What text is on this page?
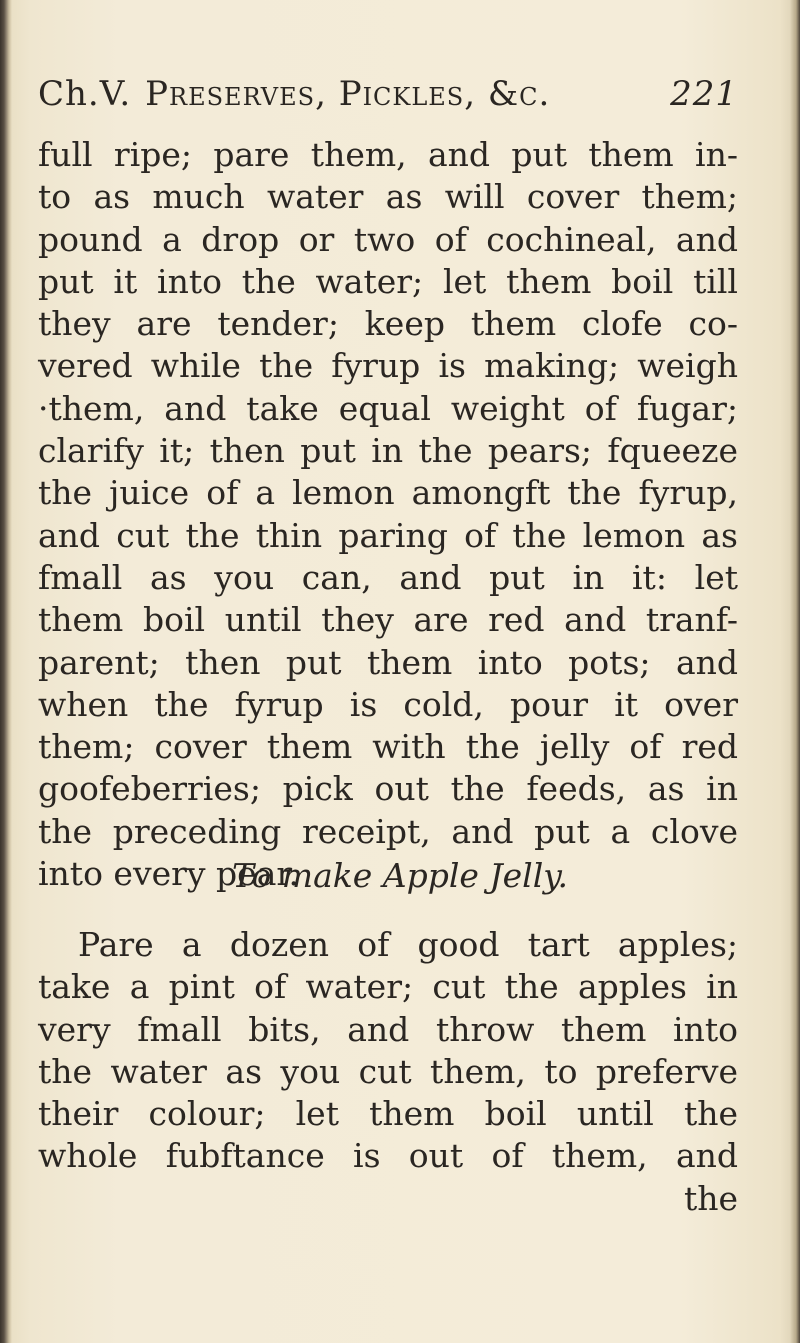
Ch.V. Preserves, Pickles, &c.	221
full ripe; pare them, and put them in-
to as much water as will cover them;
pound a drop or two of cochineal, and
put it into the water; let them boil till
they are tender; keep them clofe co-
vered while the fyrup is making; weigh
·them, and take equal weight of fugar;
clarify it; then put in the pears; fqueeze
the juice of a lemon amongft the fyrup,
and cut the thin paring of the lemon as
fmall as you can, and put in it: let
them boil until they are red and tranf-
parent; then put them into pots; and
when the fyrup is cold, pour it over
them; cover them with the jelly of red
goofeberries; pick out the feeds, as in
the preceding receipt, and put a clove
into every pear.
To make Apple Jelly.
Pare a dozen of good tart apples;
take a pint of water; cut the apples in
very fmall bits, and throw them into
the water as you cut them, to preferve
their colour; let them boil until the
whole fubftance is out of them, and
the
